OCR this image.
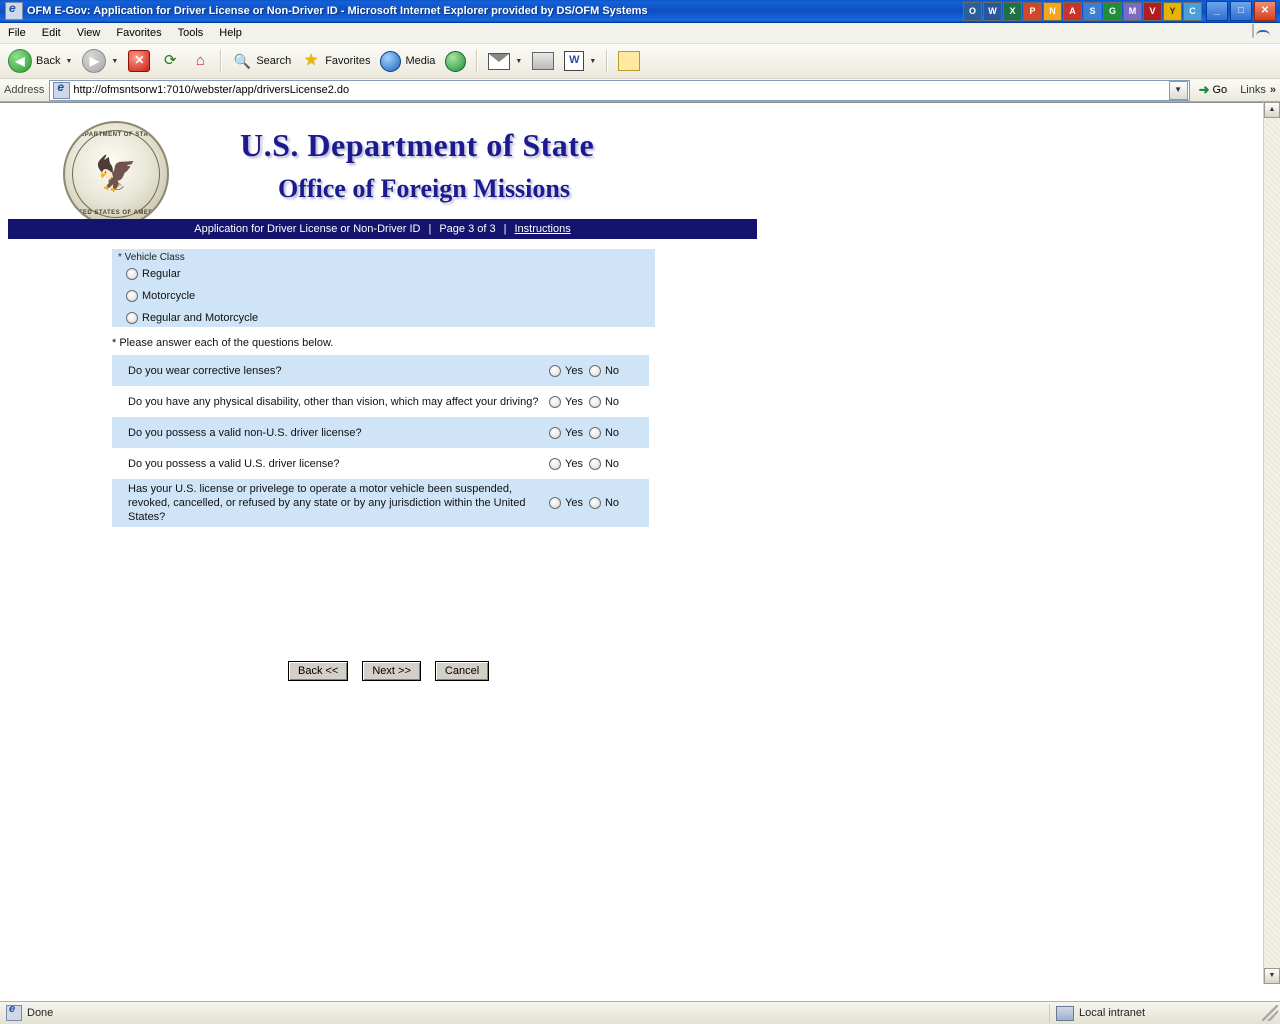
e
OFM E-Gov: Application for Driver License or Non-Driver ID - Microsoft Internet Explorer provided by DS/OFM Systems	O	W	X	P	N	A	S	G	M	V	Y	C	_	□	✕
File	Edit	View	Favorites	Tools	Help
◀ Back ▼ ▶ ▼	✕	⟳	⌂	🔍 Search ★ Favorites	Media	▼	W	▼
Address e	http://ofmsntsorw1:7010/webster/app/driversLicense2.do	▼	➜ Go Links »
DEPARTMENT OF STATE
🦅
UNITED STATES OF AMERICA
U.S. Department of State
Office of Foreign Missions
Application for Driver License or Non-Driver ID | Page 3 of 3 | Instructions
* Vehicle Class
Regular
Motorcycle
Regular and Motorcycle
* Please answer each of the questions below.
Do you wear corrective lenses?	Yes No
Do you have any physical disability, other than vision, which may affect your driving?	Yes No
Do you possess a valid non-U.S. driver license?	Yes No
Do you possess a valid U.S. driver license?	Yes No
Has your U.S. license or privelege to operate a motor vehicle been suspended, revoked, cancelled, or refused by any state or by any jurisdiction within the United States?
Yes No
Back <<	Next >>	Cancel
▲
▼
e
Done	Local intranet
